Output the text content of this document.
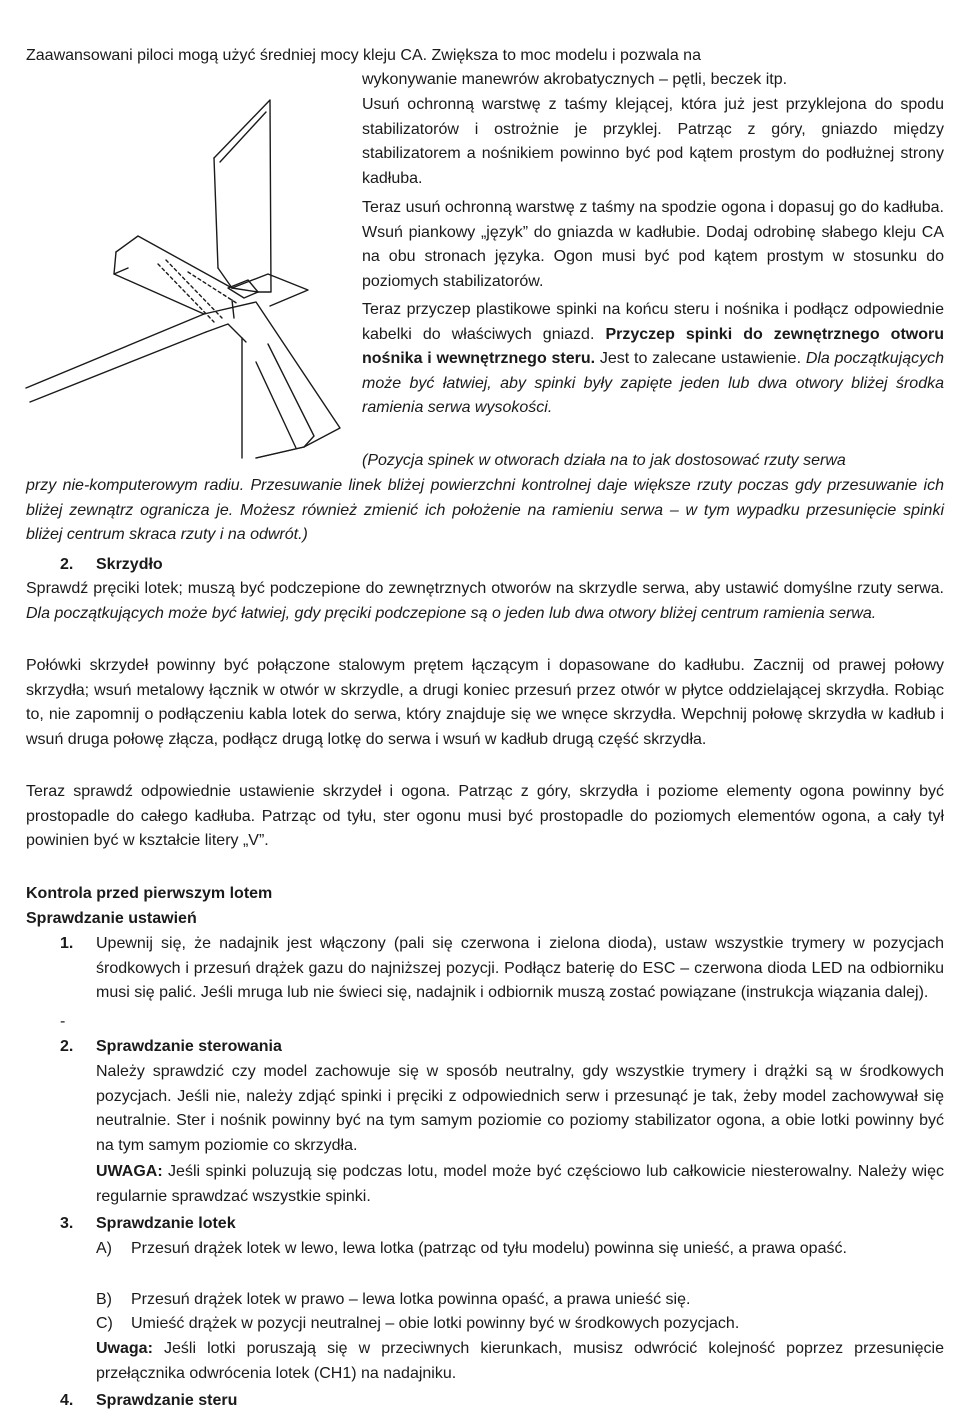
Zaawansowani piloci mogą użyć średniej mocy kleju CA. Zwiększa to moc modelu i pozwala na

wykonywanie manewrów akrobatycznych – pętli, beczek itp.

Usuń ochronną warstwę z taśmy klejącej, która już jest przyklejona do spodu stabilizatorów i ostrożnie je przyklej. Patrząc z góry, gniazdo między stabilizatorem a nośnikiem powinno być pod kątem prostym do podłużnej strony kadłuba.

Teraz usuń ochronną warstwę z taśmy na spodzie ogona i dopasuj go do kadłuba. Wsuń piankowy „język” do gniazda w kadłubie. Dodaj odrobinę słabego kleju CA na obu stronach języka. Ogon musi być pod kątem prostym w stosunku do poziomych stabilizatorów.

Teraz przyczep plastikowe spinki na końcu steru i nośnika i podłącz odpowiednie kabelki do właściwych gniazd. Przyczep spinki do zewnętrznego otworu nośnika i wewnętrznego steru. Jest to zalecane ustawienie. Dla początkujących może być łatwiej, aby spinki były zapięte jeden lub dwa otwory bliżej środka ramienia serwa wysokości.

(Pozycja spinek w otworach działa na to jak dostosować rzuty serwa

przy nie-komputerowym radiu. Przesuwanie linek bliżej powierzchni kontrolnej daje większe rzuty poczas gdy przesuwanie ich bliżej zewnątrz ogranicza je. Możesz również zmienić ich położenie na ramieniu serwa – w tym wypadku przesunięcie spinki bliżej centrum skraca rzuty i na odwrót.)

2. Skrzydło

Sprawdź pręciki lotek; muszą być podczepione do zewnętrznych otworów na skrzydle serwa, aby ustawić domyślne rzuty serwa. Dla początkujących może być łatwiej, gdy pręciki podczepione są o jeden lub dwa otwory bliżej centrum ramienia serwa.

Połówki skrzydeł powinny być połączone stalowym prętem łączącym i dopasowane do kadłubu. Zacznij od prawej połowy skrzydła; wsuń metalowy łącznik w otwór w skrzydle, a drugi koniec przesuń przez otwór w płytce oddzielającej skrzydła. Robiąc to, nie zapomnij o podłączeniu kabla lotek do serwa, który znajduje się we wnęce skrzydła. Wepchnij połowę skrzydła w kadłub i wsuń druga połowę złącza, podłącz drugą lotkę do serwa i wsuń w kadłub drugą część skrzydła.

Teraz sprawdź odpowiednie ustawienie skrzydeł i ogona. Patrząc z góry, skrzydła i poziome elementy ogona powinny być prostopadle do całego kadłuba. Patrząc od tyłu, ster ogonu musi być prostopadle do poziomych elementów ogona, a cały tył powinien być w kształcie litery „V”.

Kontrola przed pierwszym lotem
Sprawdzanie ustawień
1. Upewnij się, że nadajnik jest włączony (pali się czerwona i zielona dioda), ustaw wszystkie trymery w pozycjach środkowych i przesuń drążek gazu do najniższej pozycji. Podłącz baterię do ESC – czerwona dioda LED na odbiorniku musi się palić. Jeśli mruga lub nie świeci się, nadajnik i odbiornik muszą zostać powiązane (instrukcja wiązania dalej).

-
2. Sprawdzanie sterowania

Należy sprawdzić czy model zachowuje się w sposób neutralny, gdy wszystkie trymery i drążki są w środkowych pozycjach. Jeśli nie, należy zdjąć spinki i pręciki z odpowiednich serw i przesunąć je tak, żeby model zachowywał się neutralnie. Ster i nośnik powinny być na tym samym poziomie co poziomy stabilizator ogona, a obie lotki powinny być na tym samym poziomie co skrzydła.

UWAGA: Jeśli spinki poluzują się podczas lotu, model może być częściowo lub całkowicie niesterowalny. Należy więc regularnie sprawdzać wszystkie spinki.

3. Sprawdzanie lotek
A) Przesuń drążek lotek w lewo, lewa lotka (patrząc od tyłu modelu) powinna się unieść, a prawa opaść.

B) Przesuń drążek lotek w prawo – lewa lotka powinna opaść, a prawa unieść się.

C) Umieść drążek w pozycji neutralnej – obie lotki powinny być w środkowych pozycjach.

Uwaga: Jeśli lotki poruszają się w przeciwnych kierunkach, musisz odwrócić kolejność poprzez przesunięcie przełącznika odwrócenia lotek (CH1) na nadajniku.

4. Sprawdzanie steru
